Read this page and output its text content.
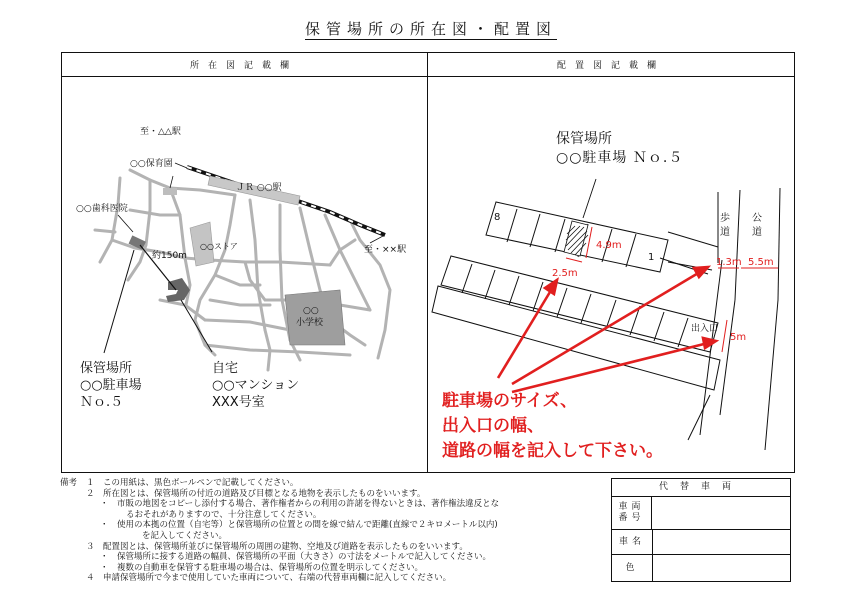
保管場所の所在図・配置図
所在図記載欄	配置図記載欄
至・△△駅
○○保育園
○○歯科医院
ＪＲ ○○駅
至・××駅
○○ストア
約150m
○○
小学校
8
1
2.5m
4.9m
1.3m 5.5m
5m
歩
道
公
道
出入口
保管場所
○○駐車場 Ｎｏ.５
駐車場のサイズ、
出入口の幅、
道路の幅を記入して下さい。
保管場所
○○駐車場
Ｎｏ.５
自宅
○○マンション
XXX号室
備考 １　この用紙は、黒色ボールペンで記載してください。
２　所在図とは、保管場所の付近の道路及び目標となる地物を表示したものをいいます。
・　市販の地図をコピーし添付する場合、著作権者からの利用の許諾を得ないときは、著作権法違反とな
るおそれがありますので、十分注意してください。
・　使用の本拠の位置（自宅等）と保管場所の位置との間を線で結んで距離(直線で２キロメートル以内)
を記入してください。
３　配置図とは、保管場所並びに保管場所の周囲の建物、空地及び道路を表示したものをいいます。
・　保管場所に接する道路の幅員、保管場所の平面（大きさ）の寸法をメートルで記入してください。
・　複数の自動車を保管する駐車場の場合は、保管場所の位置を明示してください。
４　申請保管場所で今まで使用していた車両について、右端の代替車両欄に記入してください。
代替車両
車両番号
車名
色
